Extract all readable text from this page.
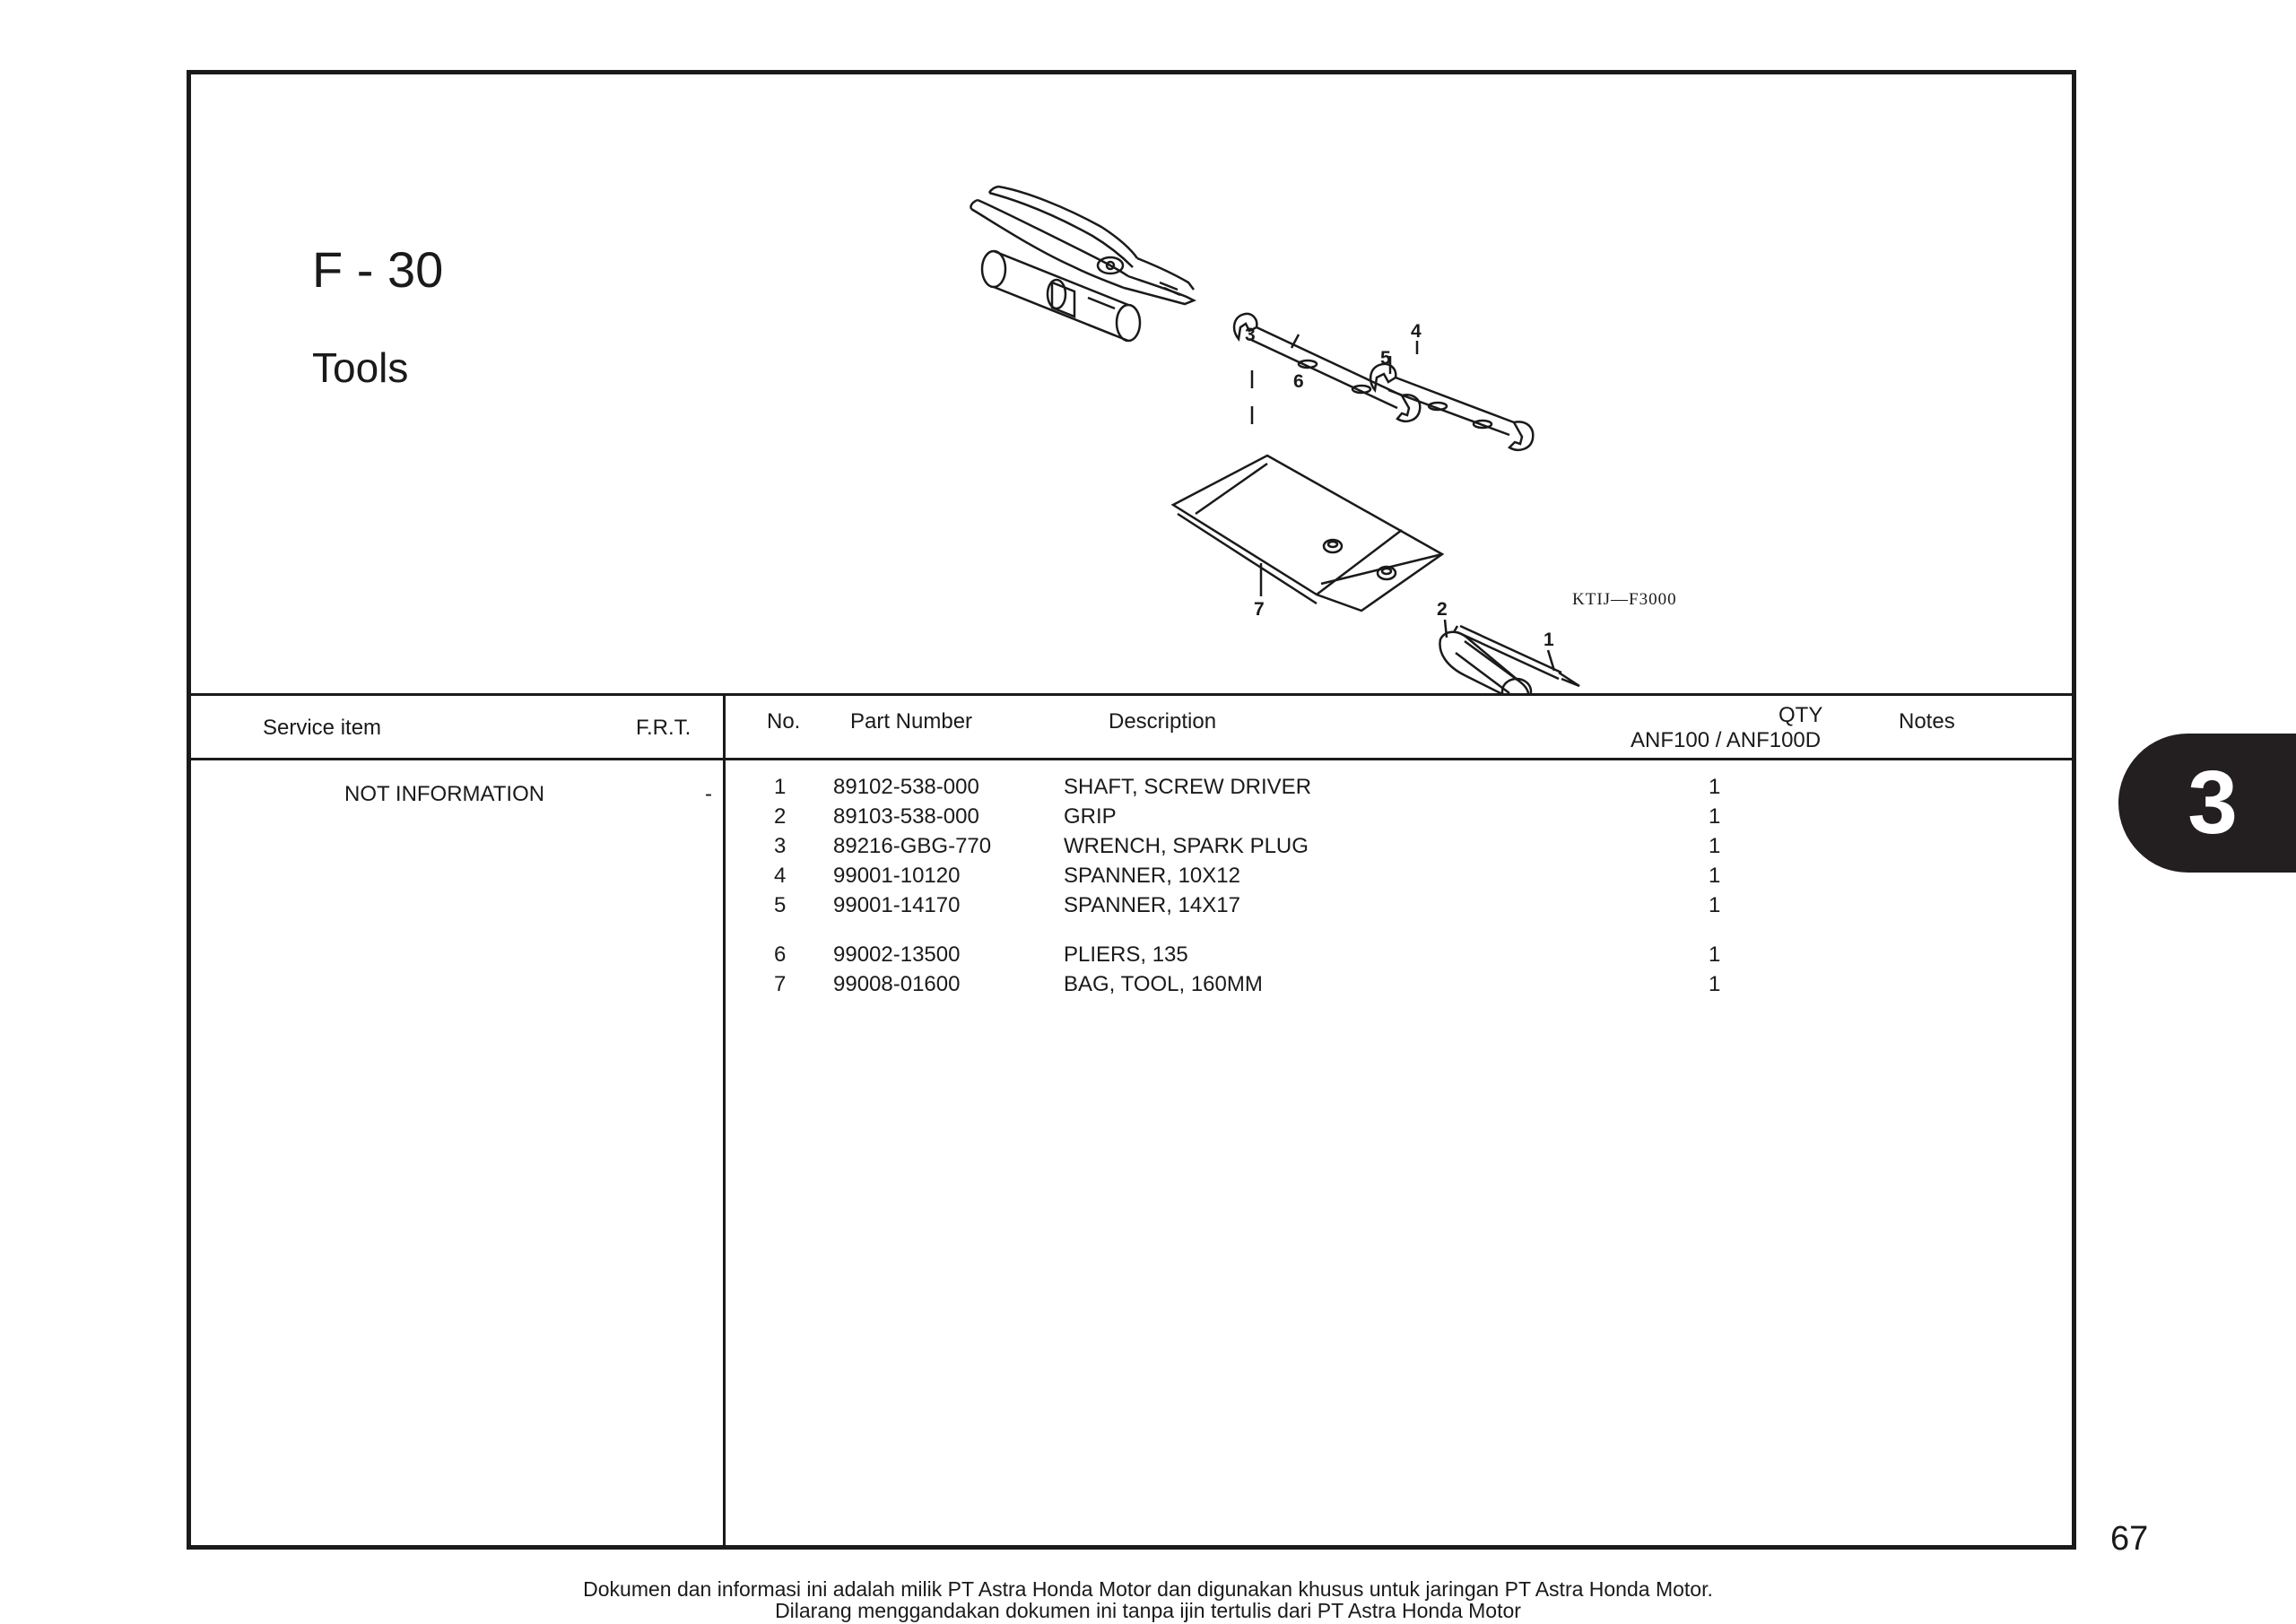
F - 30
Tools
1
2
3	4
5
6
7	KTIJ—F3000
Service item	F.R.T.	No. Part Number	Description	QTY
ANF100 / ANF100D
Notes
NOT INFORMATION	-	1 89102-538-000	SHAFT, SCREW DRIVER	1
2 89103-538-000	GRIP	1
3 89216-GBG-770	WRENCH, SPARK PLUG	1
4 99001-10120	SPANNER, 10X12	1
5 99001-14170	SPANNER, 14X17	1
6 99002-13500	PLIERS, 135	1
7 99008-01600	BAG, TOOL, 160MM	1
3
67
Dokumen dan informasi ini adalah milik PT Astra Honda Motor dan digunakan khusus untuk jaringan PT Astra Honda Motor.
Dilarang menggandakan dokumen ini tanpa ijin tertulis dari PT Astra Honda Motor
